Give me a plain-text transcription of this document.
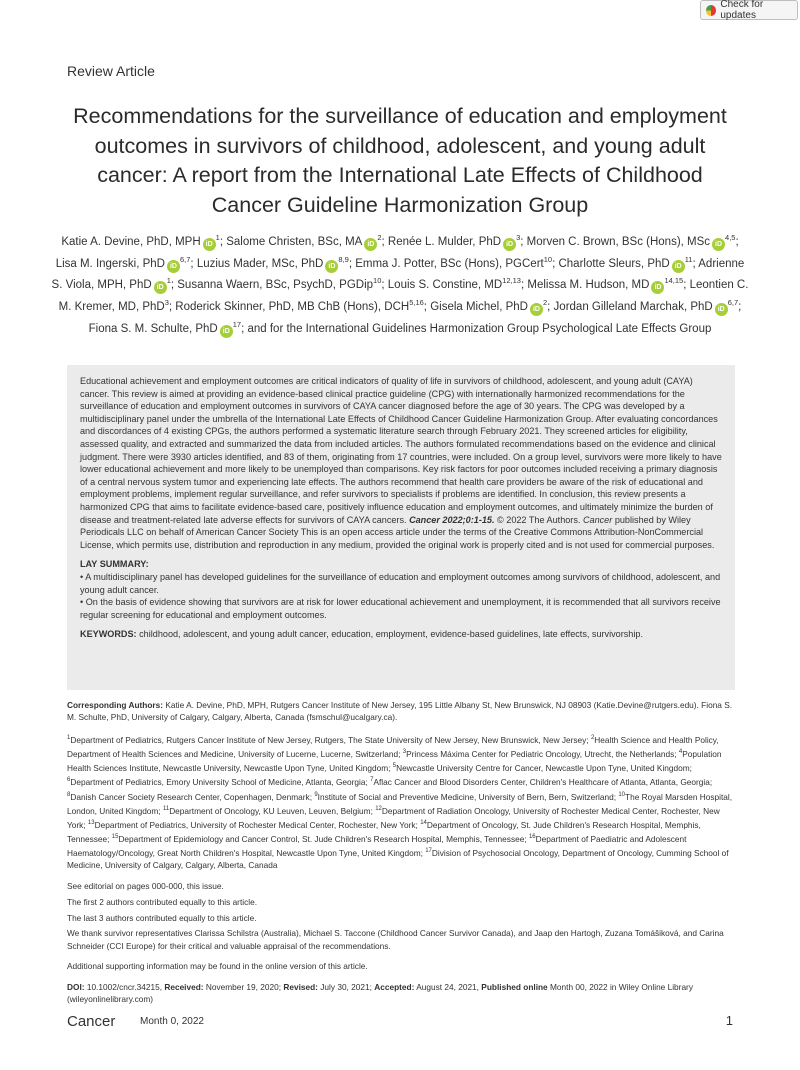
Check for updates
Review Article
Recommendations for the surveillance of education and employment outcomes in survivors of childhood, adolescent, and young adult cancer: A report from the International Late Effects of Childhood Cancer Guideline Harmonization Group
Katie A. Devine, PhD, MPH $iD^1$; Salome Christen, BSc, MA $iD^2$; Renée L. Mulder, PhD $iD^3$; Morven C. Brown, BSc (Hons), MSc iD$^{4,5}$; Lisa M. Ingerski, PhD iD$^{6,7}$; Luzius Mader, MSc, PhD iD$^{8,9}$; Emma J. Potter, BSc (Hons), PGCert$^{10}$; Charlotte Sleurs, PhD $iD^{11}$; Adrienne S. Viola, MPH, PhD $iD^1$; Susanna Waern, BSc, PsychD, PGDip$^{10}$; Louis S. Constine, MD$^{12,13}$; Melissa M. Hudson, MD iD$^{14,15}$; Leontien C. M. Kremer, MD, PhD$^3$; Roderick Skinner, PhD, MB ChB (Hons), DCH$^{5,16}$; Gisela Michel, PhD $iD^2$; Jordan Gilleland Marchak, PhD iD$^{6,7}$; Fiona S. M. Schulte, PhD $iD^{17}$; and for the International Guidelines Harmonization Group Psychological Late Effects Group

Educational achievement and employment outcomes are critical indicators of quality of life in survivors of childhood, adolescent, and young adult (CAYA) cancer. This review is aimed at providing an evidence-based clinical practice guideline (CPG) with internationally harmonized recommendations for the surveillance of education and employment outcomes in survivors of CAYA cancer diagnosed before the age of 30 years. The CPG was developed by a multidisciplinary panel under the umbrella of the International Late Effects of Childhood Cancer Guideline Harmonization Group. After evaluating concordances and discordances of 4 existing CPGs, the authors performed a systematic literature search through February 2021. They screened articles for eligibility, assessed quality, and extracted and summarized the data from included articles. The authors formulated recommendations based on the evidence and clinical judgment. There were 3930 articles identified, and 83 of them, originating from 17 countries, were included. On a group level, survivors were more likely to have lower educational achievement and more likely to be unemployed than comparisons. Key risk factors for poor outcomes included receiving a primary diagnosis of a central nervous system tumor and experiencing late effects. The authors recommend that health care providers be aware of the risk of educational and employment problems, implement regular surveillance, and refer survivors to specialists if problems are identified. In conclusion, this review presents a harmonized CPG that aims to facilitate evidence-based care, positively influence education and employment outcomes, and ultimately minimize the burden of disease and treatment-related late adverse effects for survivors of CAYA cancers. Cancer 2022;0:1-15. © 2022 The Authors. Cancer published by Wiley Periodicals LLC on behalf of American Cancer Society This is an open access article under the terms of the Creative Commons Attribution-NonCommercial License, which permits use, distribution and reproduction in any medium, provided the original work is properly cited and is not used for commercial purposes.

LAY SUMMARY:

• A multidisciplinary panel has developed guidelines for the surveillance of education and employment outcomes among survivors of childhood, adolescent, and young adult cancer.

• On the basis of evidence showing that survivors are at risk for lower educational achievement and unemployment, it is recommended that all survivors receive regular screening for educational and employment outcomes.

KEYWORDS: childhood, adolescent, and young adult cancer, education, employment, evidence-based guidelines, late effects, survivorship.

Corresponding Authors: Katie A. Devine, PhD, MPH, Rutgers Cancer Institute of New Jersey, 195 Little Albany St, New Brunswick, NJ 08903 (Katie.Devine@rutgers.edu). Fiona S. M. Schulte, PhD, University of Calgary, Calgary, Alberta, Canada (fsmschul@ucalgary.ca).

$^1$Department of Pediatrics, Rutgers Cancer Institute of New Jersey, Rutgers, The State University of New Jersey, New Brunswick, New Jersey; $^2$Health Science and Health Policy, Department of Health Sciences and Medicine, University of Lucerne, Lucerne, Switzerland; $^3$Princess Máxima Center for Pediatric Oncology, Utrecht, the Netherlands; $^4$Population Health Sciences Institute, Newcastle University, Newcastle Upon Tyne, United Kingdom; $^5$Newcastle University Centre for Cancer, Newcastle Upon Tyne, United Kingdom; $^6$Department of Pediatrics, Emory University School of Medicine, Atlanta, Georgia; $^7$Aflac Cancer and Blood Disorders Center, Children's Healthcare of Atlanta, Atlanta, Georgia; $^8$Danish Cancer Society Research Center, Copenhagen, Denmark; $^9$Institute of Social and Preventive Medicine, University of Bern, Bern, Switzerland; $^{10}$The Royal Marsden Hospital, London, United Kingdom; $^{11}$Department of Oncology, KU Leuven, Leuven, Belgium; $^{12}$Department of Radiation Oncology, University of Rochester Medical Center, Rochester, New York; $^{13}$Department of Pediatrics, University of Rochester Medical Center, Rochester, New York; $^{14}$Department of Oncology, St. Jude Children's Research Hospital, Memphis, Tennessee; $^{15}$Department of Epidemiology and Cancer Control, St. Jude Children's Research Hospital, Memphis, Tennessee; $^{16}$Department of Paediatric and Adolescent Haematology/Oncology, Great North Children's Hospital, Newcastle Upon Tyne, United Kingdom; $^{17}$Division of Psychosocial Oncology, Department of Oncology, Cumming School of Medicine, University of Calgary, Calgary, Alberta, Canada

See editorial on pages 000-000, this issue.

The first 2 authors contributed equally to this article.

The last 3 authors contributed equally to this article.

We thank survivor representatives Clarissa Schilstra (Australia), Michael S. Taccone (Childhood Cancer Survivor Canada), and Jaap den Hartogh, Zuzana Tomášiková, and Carina Schneider (CCI Europe) for their critical and valuable appraisal of the recommendations.

Additional supporting information may be found in the online version of this article.

DOI: 10.1002/cncr.34215, Received: November 19, 2020; Revised: July 30, 2021; Accepted: August 24, 2021, Published online Month 00, 2022 in Wiley Online Library (wileyonlinelibrary.com)

Cancer Month 0, 2022	1
